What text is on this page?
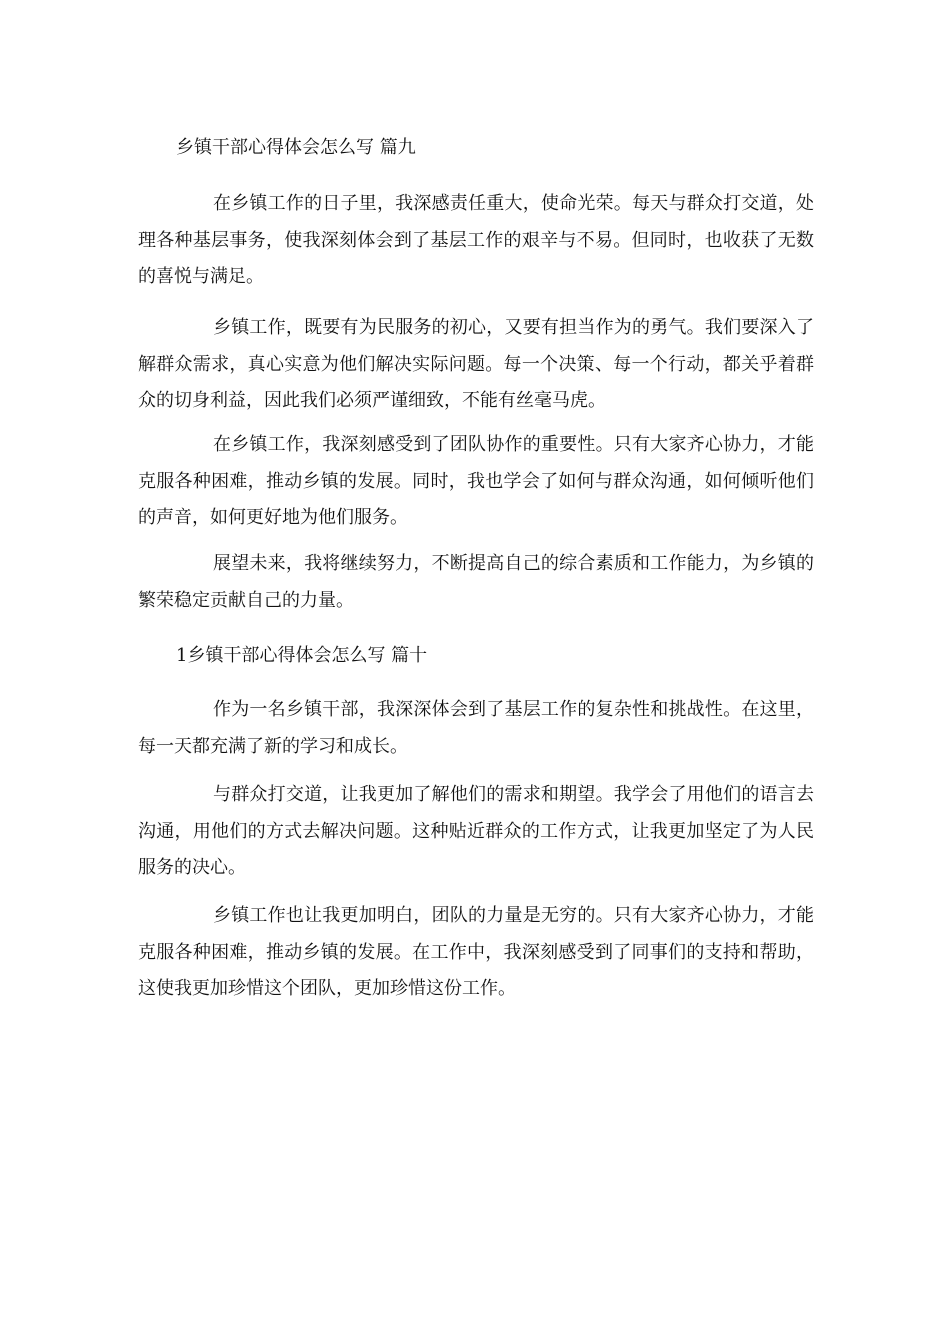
乡镇干部心得体会怎么写 篇九

在乡镇工作的日子里，我深感责任重大，使命光荣。每天与群众打交道，处理各种基层事务，使我深刻体会到了基层工作的艰辛与不易。但同时，也收获了无数的喜悦与满足。

乡镇工作，既要有为民服务的初心，又要有担当作为的勇气。我们要深入了解群众需求，真心实意为他们解决实际问题。每一个决策、每一个行动，都关乎着群众的切身利益，因此我们必须严谨细致，不能有丝毫马虎。

在乡镇工作，我深刻感受到了团队协作的重要性。只有大家齐心协力，才能克服各种困难，推动乡镇的发展。同时，我也学会了如何与群众沟通，如何倾听他们的声音，如何更好地为他们服务。

展望未来，我将继续努力，不断提高自己的综合素质和工作能力，为乡镇的繁荣稳定贡献自己的力量。

1乡镇干部心得体会怎么写 篇十

作为一名乡镇干部，我深深体会到了基层工作的复杂性和挑战性。在这里，每一天都充满了新的学习和成长。

与群众打交道，让我更加了解他们的需求和期望。我学会了用他们的语言去沟通，用他们的方式去解决问题。这种贴近群众的工作方式，让我更加坚定了为人民服务的决心。

乡镇工作也让我更加明白，团队的力量是无穷的。只有大家齐心协力，才能克服各种困难，推动乡镇的发展。在工作中，我深刻感受到了同事们的支持和帮助，这使我更加珍惜这个团队，更加珍惜这份工作。
